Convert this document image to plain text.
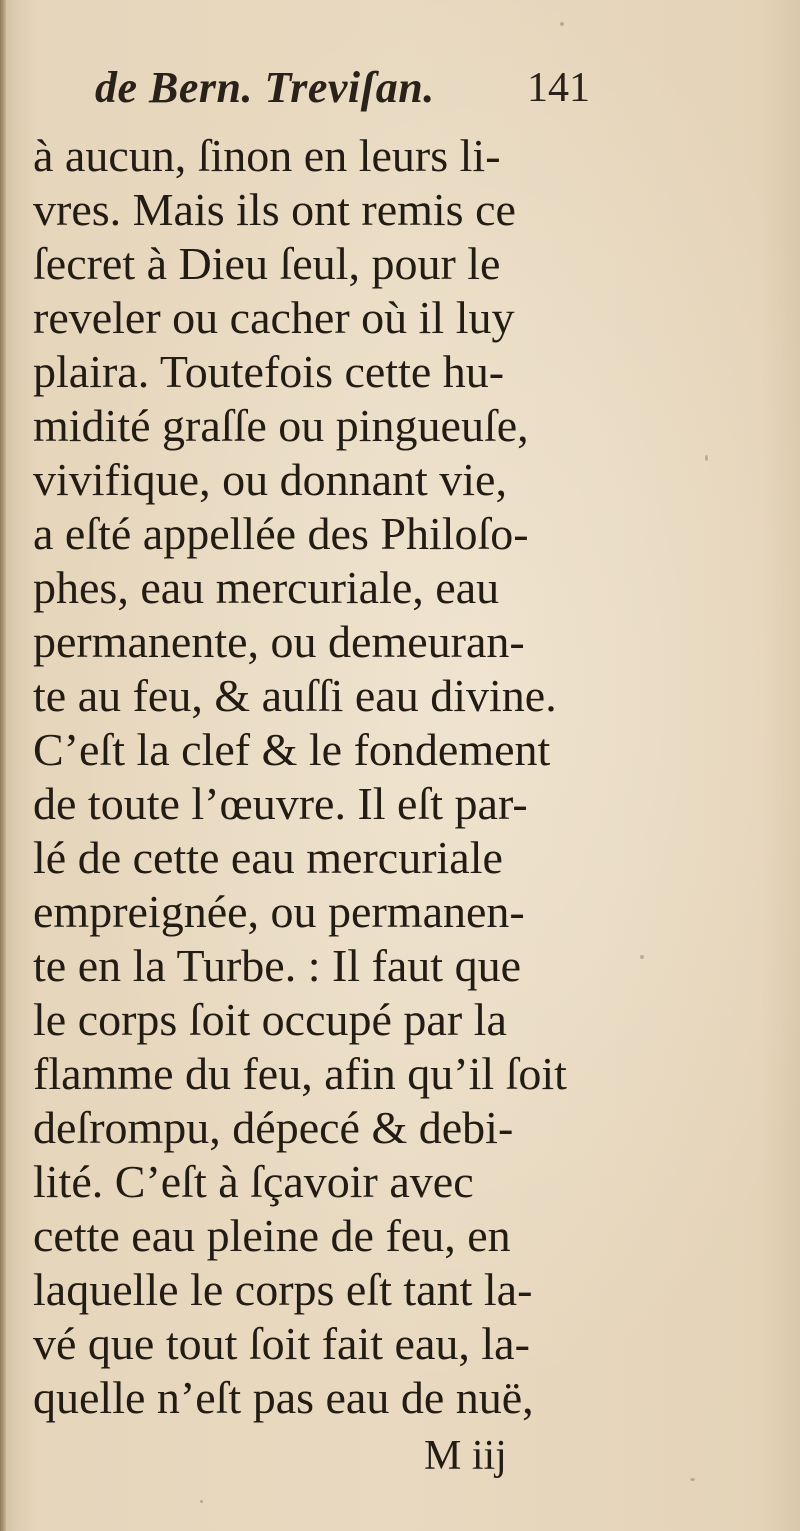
de Bern. Treviſan. 141
à aucun, ſinon en leurs li-
vres. Mais ils ont remis ce
ſecret à Dieu ſeul, pour le
reveler ou cacher où il luy
plaira. Toutefois cette hu-
midité graſſe ou pingueuſe,
vivifique, ou donnant vie,
a eſté appellée des Philoſo-
phes, eau mercuriale, eau
permanente, ou demeuran-
te au feu, & auſſi eau divine.
C’eſt la clef & le fondement
de toute l’œuvre. Il eſt par-
lé de cette eau mercuriale
empreignée, ou permanen-
te en la Turbe. : Il faut que
le corps ſoit occupé par la
flamme du feu, afin qu’il ſoit
deſrompu, dépecé & debi-
lité. C’eſt à ſçavoir avec
cette eau pleine de feu, en
laquelle le corps eſt tant la-
vé que tout ſoit fait eau, la-
quelle n’eſt pas eau de nuë,
M iij
